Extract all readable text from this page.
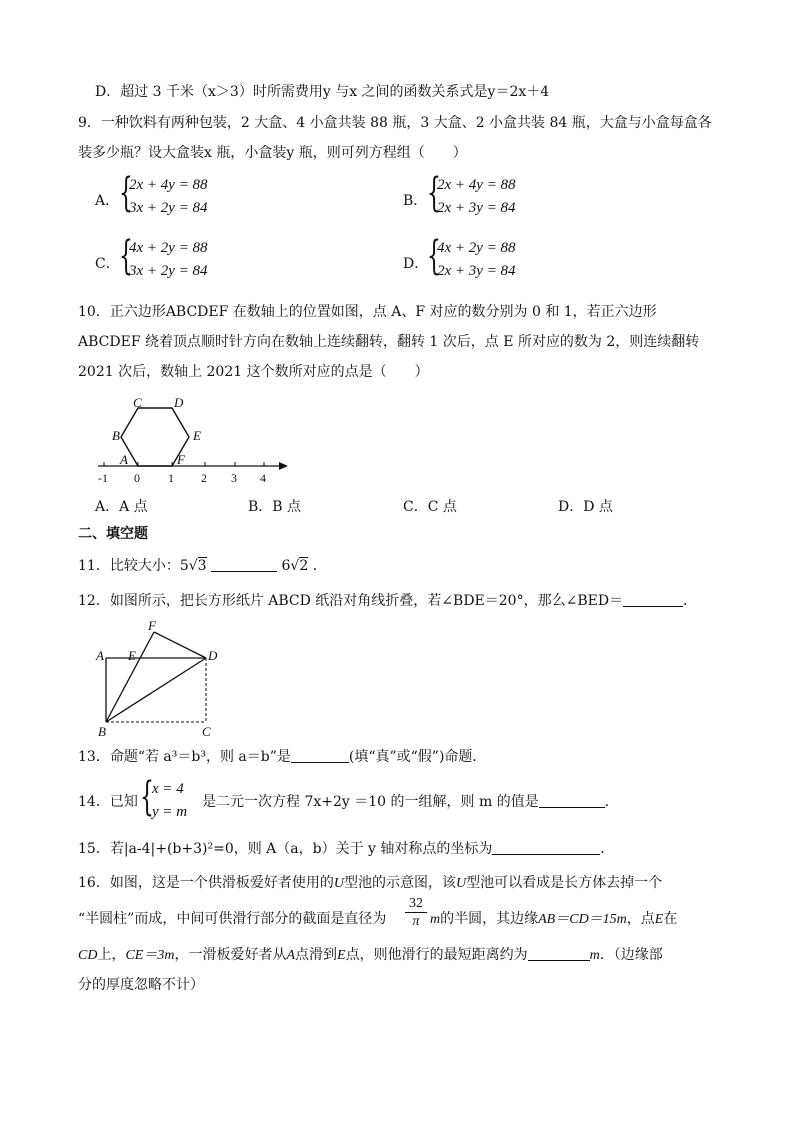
D．超过 3 千米（x＞3）时所需费用y 与x 之间的函数关系式是y＝2x＋4
9．一种饮料有两种包装，2 大盒、4 小盒共装 88 瓶，3 大盒、2 小盒共装 84 瓶，大盒与小盒每盒各
装多少瓶？设大盒装x 瓶，小盒装y 瓶，则可列方程组（　　）
A． {
2x + 4y = 88
3x + 2y = 84	B． {
2x + 4y = 88
2x + 3y = 84
C． {
4x + 2y = 88
3x + 2y = 84	D．
{
4x + 2y = 88
2x + 3y = 84
10．正六边形ABCDEF 在数轴上的位置如图，点 A、F 对应的数分别为 0 和 1，若正六边形
ABCDEF 绕着顶点顺时针方向在数轴上连续翻转，翻转 1 次后，点 E 所对应的数为 2，则连续翻转
2021 次后，数轴上 2021 这个数所对应的点是（　　）
A
B
C D
E
F
-1 0 1 2 3 4
A．A 点	B．B 点	C．C 点	D．D 点
二、填空题
11．比较大小：5√3	6√2 ．
12．如图所示，把长方形纸片 ABCD 纸沿对角线折叠，若∠BDE＝20°，那么∠BED＝	．
F
A E	D
B	C
13．命题“若 a³＝b³，则 a＝b”是	(填“真”或“假”)命题．
14．已知 {
x = 4
y = m
是二元一次方程 7x+2y ＝10 的一组解，则 m 的值是	.
15．若|a-4|+(b+3)²=0，则 A（a，b）关于 y 轴对称点的坐标为	．
16．如图，这是一个供滑板爱好者使用的U型池的示意图，该U型池可以看成是长方体去掉一个
“半圆柱”而成，中间可供滑行部分的截面是直径为 $\frac{32}{\pi}$ m的半圆，其边缘AB＝CD＝15m，点E在
CD上，CE＝3m，一滑板爱好者从A点滑到E点，则他滑行的最短距离约为	m．（边缘部
分的厚度忽略不计）
